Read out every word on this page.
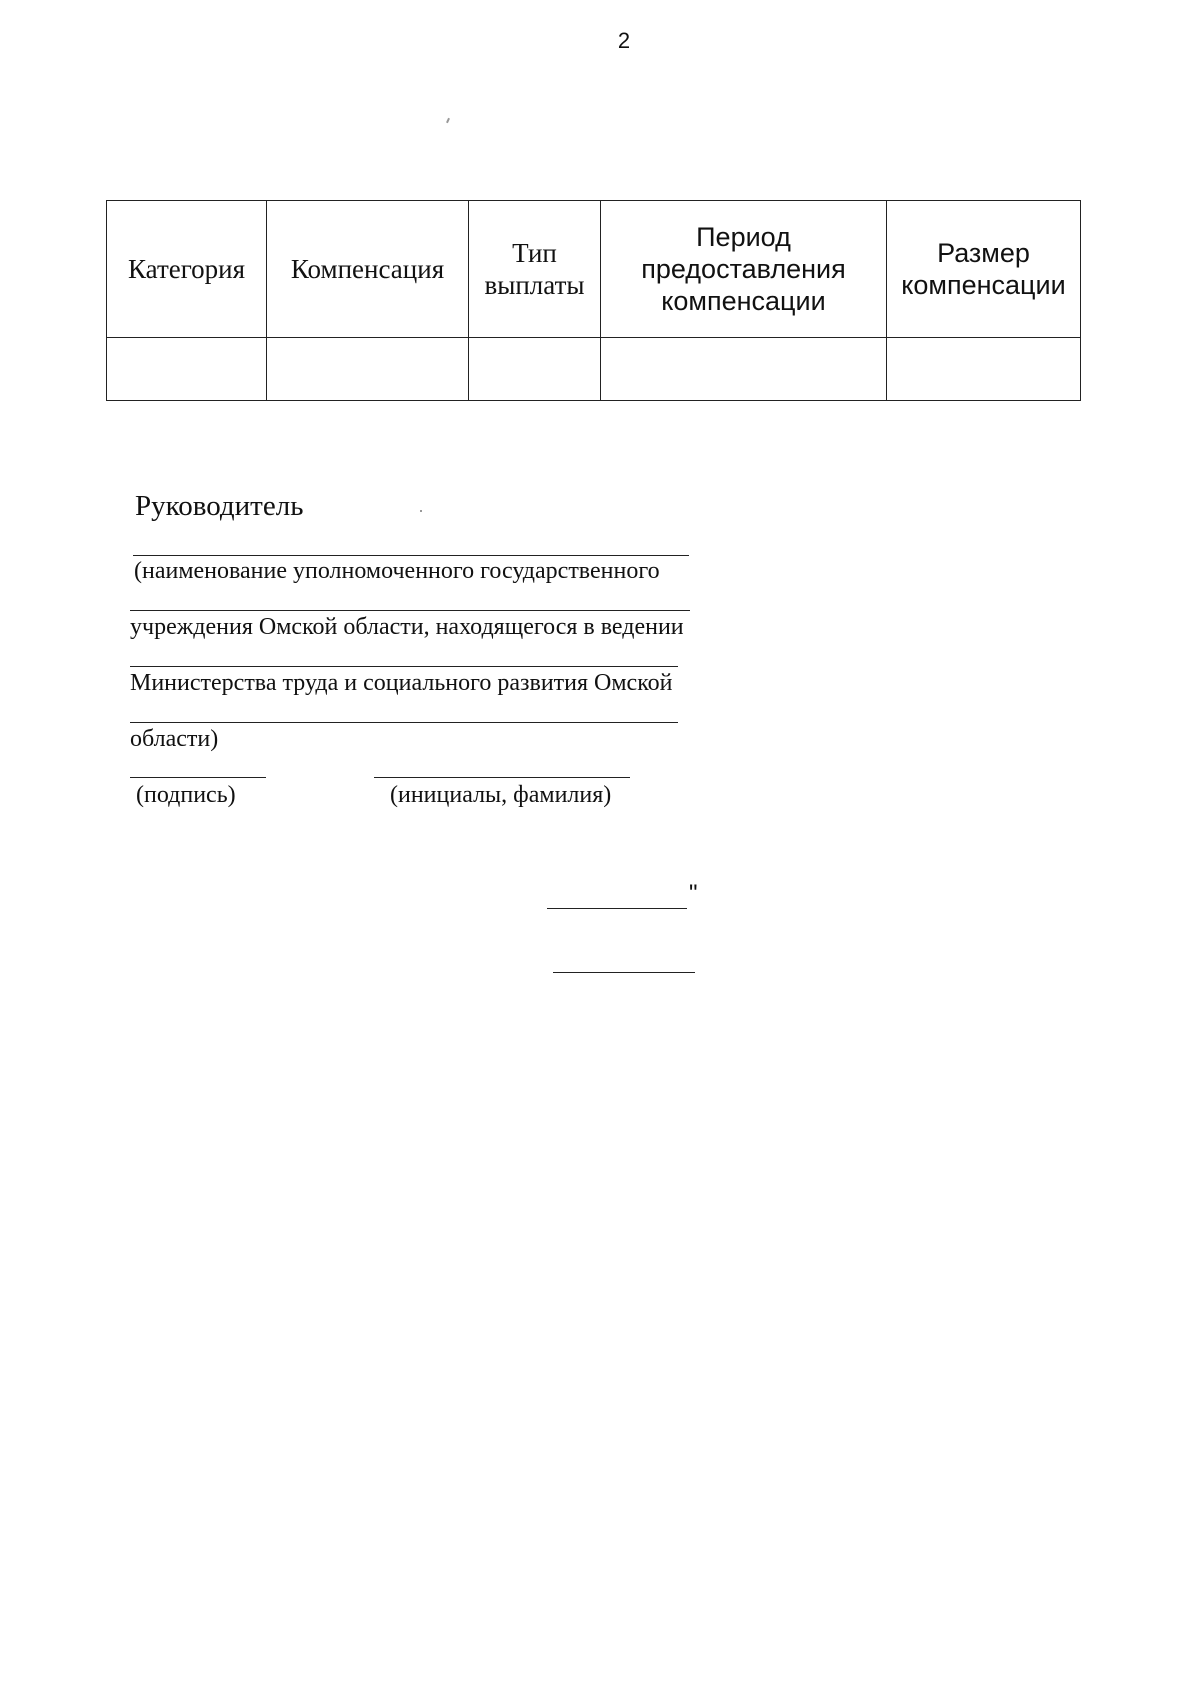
2
Категория	Компенсация	Тип выплаты	Период предоставления компенсации	Размер компенсации

Руководитель
(наименование уполномоченного государственного
учреждения Омской области, находящегося в ведении
Министерства труда и социального развития Омской
области)
(подпись)	(инициалы, фамилия)
"
